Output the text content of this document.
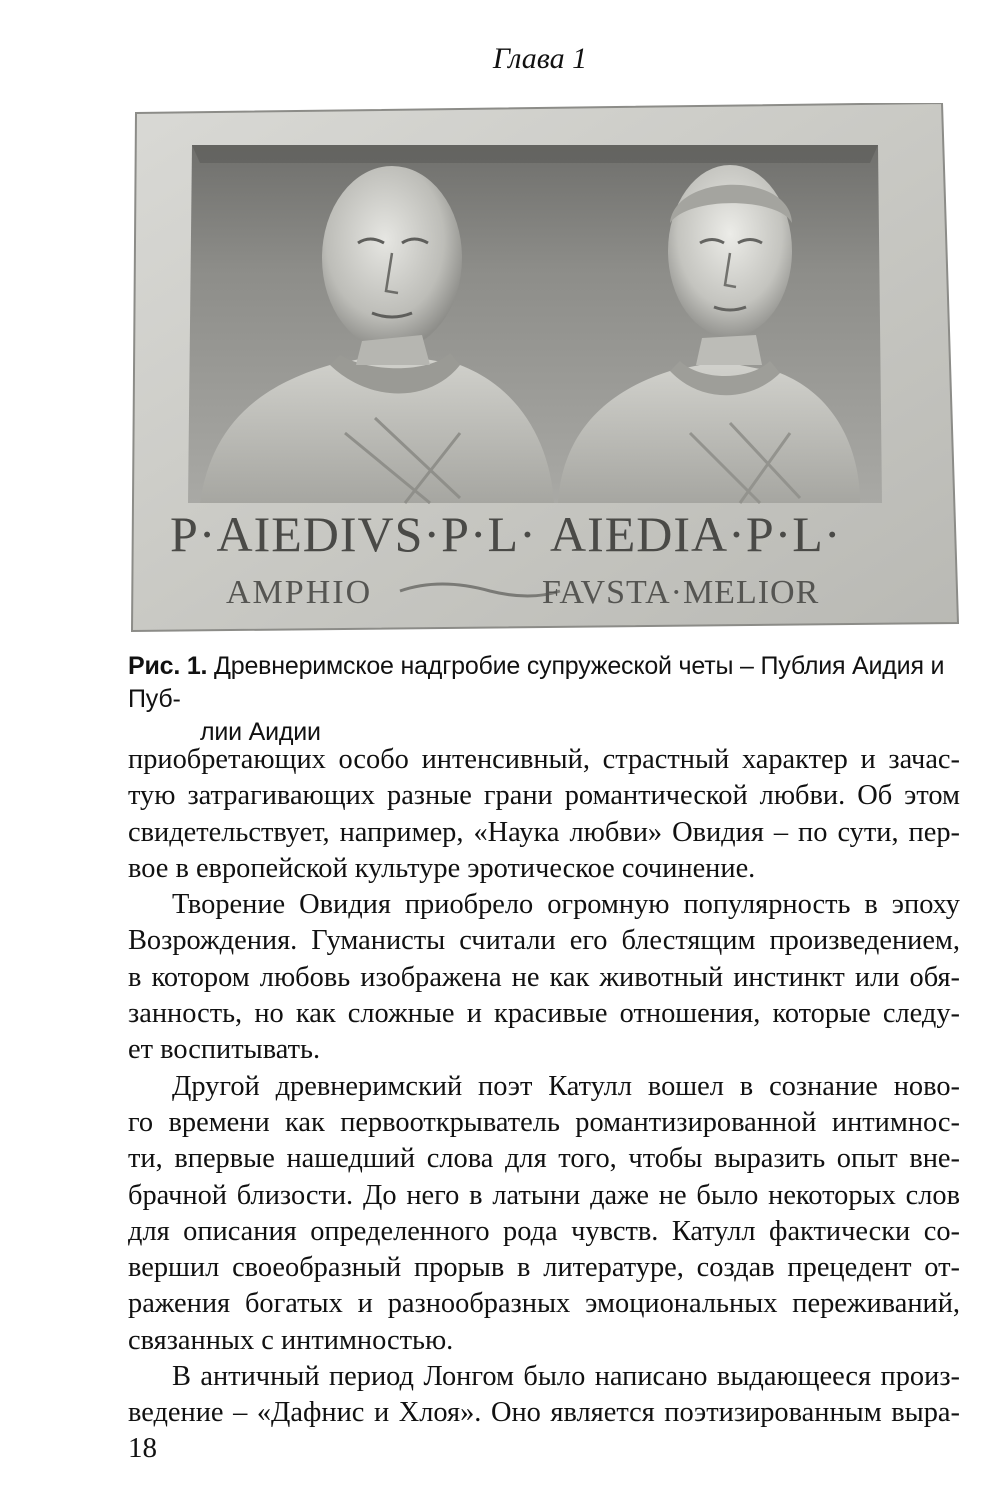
Глава 1
P·AIEDIVS·P·L·
AMPHIO
AIEDIA·P·L·
FAVSTA·MELIOR
Рис. 1. Древнеримское надгробие супружеской четы – Публия Аидия и Пуб-
лии Аидии
приобретающих особо интенсивный, страстный характер и зачас-
тую затрагивающих разные грани романтической любви. Об этом
свидетельствует, например, «Наука любви» Овидия – по сути, пер-
вое в европейской культуре эротическое сочинение.
Творение Овидия приобрело огромную популярность в эпоху
Возрождения. Гуманисты считали его блестящим произведением,
в котором любовь изображена не как животный инстинкт или обя-
занность, но как сложные и красивые отношения, которые следу-
ет воспитывать.
Другой древнеримский поэт Катулл вошел в сознание ново-
го времени как первооткрыватель романтизированной интимнос-
ти, впервые нашедший слова для того, чтобы выразить опыт вне-
брачной близости. До него в латыни даже не было некоторых слов
для описания определенного рода чувств. Катулл фактически со-
вершил своеобразный прорыв в литературе, создав прецедент от-
ражения богатых и разнообразных эмоциональных переживаний,
связанных с интимностью.
В античный период Лонгом было написано выдающееся произ-
ведение – «Дафнис и Хлоя». Оно является поэтизированным выра-
18
